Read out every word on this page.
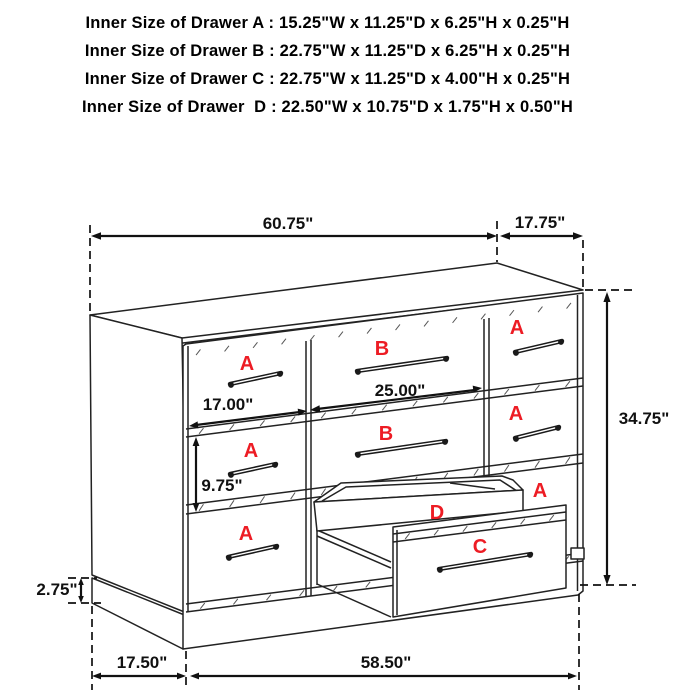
Inner Size of Drawer A : 15.25"W x 11.25"D x 6.25"H x 0.25"H
Inner Size of Drawer B : 22.75"W x 11.25"D x 6.25"H x 0.25"H
Inner Size of Drawer C : 22.75"W x 11.25"D x 4.00"H x 0.25"H
Inner Size of Drawer  D : 22.50"W x 10.75"D x 1.75"H x 0.50"H
60.75"	17.75"
34.75"
25.00"
17.00"
9.75"
2.75"
17.50"	58.50"
A
A
A
B
B
A
A
A
D
C
